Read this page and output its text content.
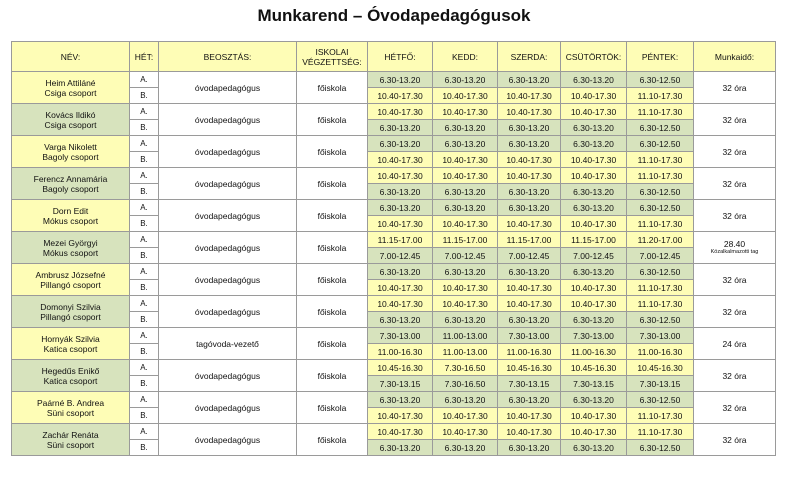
Munkarend – Óvodapedagógusok
NÉV:	HÉT:	BEOSZTÁS:	ISKOLAI VÉGZETTSÉG:	HÉTFŐ:	KEDD:	SZERDA:	CSÜTÖRTÖK:	PÉNTEK:	Munkaidő:
Heim Attiláné
Csiga csoport	A.	óvodapedagógus	főiskola	6.30-13.20	6.30-13.20	6.30-13.20	6.30-13.20	6.30-12.50	32 óra
	B.			10.40-17.30	10.40-17.30	10.40-17.30	10.40-17.30	11.10-17.30	
Kovács Ildikó
Csiga csoport	A.	óvodapedagógus	főiskola	10.40-17.30	10.40-17.30	10.40-17.30	10.40-17.30	11.10-17.30	32 óra
	B.			6.30-13.20	6.30-13.20	6.30-13.20	6.30-13.20	6.30-12.50	
Varga Nikolett
Bagoly csoport	A.	óvodapedagógus	főiskola	6.30-13.20	6.30-13.20	6.30-13.20	6.30-13.20	6.30-12.50	32 óra
	B.			10.40-17.30	10.40-17.30	10.40-17.30	10.40-17.30	11.10-17.30	
Ferencz Annamária
Bagoly csoport	A.	óvodapedagógus	főiskola	10.40-17.30	10.40-17.30	10.40-17.30	10.40-17.30	11.10-17.30	32 óra
	B.			6.30-13.20	6.30-13.20	6.30-13.20	6.30-13.20	6.30-12.50	
Dorn Edit
Mókus csoport	A.	óvodapedagógus	főiskola	6.30-13.20	6.30-13.20	6.30-13.20	6.30-13.20	6.30-12.50	32 óra
	B.			10.40-17.30	10.40-17.30	10.40-17.30	10.40-17.30	11.10-17.30	
Mezei Györgyi
Mókus csoport	A.	óvodapedagógus	főiskola	11.15-17.00	11.15-17.00	11.15-17.00	11.15-17.00	11.20-17.00	28.40
Közalkalmazotti tag

	B.			7.00-12.45	7.00-12.45	7.00-12.45	7.00-12.45	7.00-12.45	
Ambrusz Józsefné
Pillangó csoport	A.	óvodapedagógus	főiskola	6.30-13.20	6.30-13.20	6.30-13.20	6.30-13.20	6.30-12.50	32 óra
	B.			10.40-17.30	10.40-17.30	10.40-17.30	10.40-17.30	11.10-17.30	
Domonyi Szilvia
Pillangó csoport	A.	óvodapedagógus	főiskola	10.40-17.30	10.40-17.30	10.40-17.30	10.40-17.30	11.10-17.30	32 óra
	B.			6.30-13.20	6.30-13.20	6.30-13.20	6.30-13.20	6.30-12.50	
Hornyák Szilvia
Katica csoport	A.	tagóvoda-vezető	főiskola	7.30-13.00	11.00-13.00	7.30-13.00	7.30-13.00	7.30-13.00	24 óra
	B.			11.00-16.30	11.00-13.00	11.00-16.30	11.00-16.30	11.00-16.30	
Hegedűs Enikő
Katica csoport	A.	óvodapedagógus	főiskola	10.45-16.30	7.30-16.50	10.45-16.30	10.45-16.30	10.45-16.30	32 óra
	B.			7.30-13.15	7.30-16.50	7.30-13.15	7.30-13.15	7.30-13.15	
Paárné B. Andrea
Süni csoport	A.	óvodapedagógus	főiskola	6.30-13.20	6.30-13.20	6.30-13.20	6.30-13.20	6.30-12.50	32 óra
	B.			10.40-17.30	10.40-17.30	10.40-17.30	10.40-17.30	11.10-17.30	
Zachár Renáta
Süni csoport	A.	óvodapedagógus	főiskola	10.40-17.30	10.40-17.30	10.40-17.30	10.40-17.30	11.10-17.30	32 óra
	B.			6.30-13.20	6.30-13.20	6.30-13.20	6.30-13.20	6.30-12.50	
